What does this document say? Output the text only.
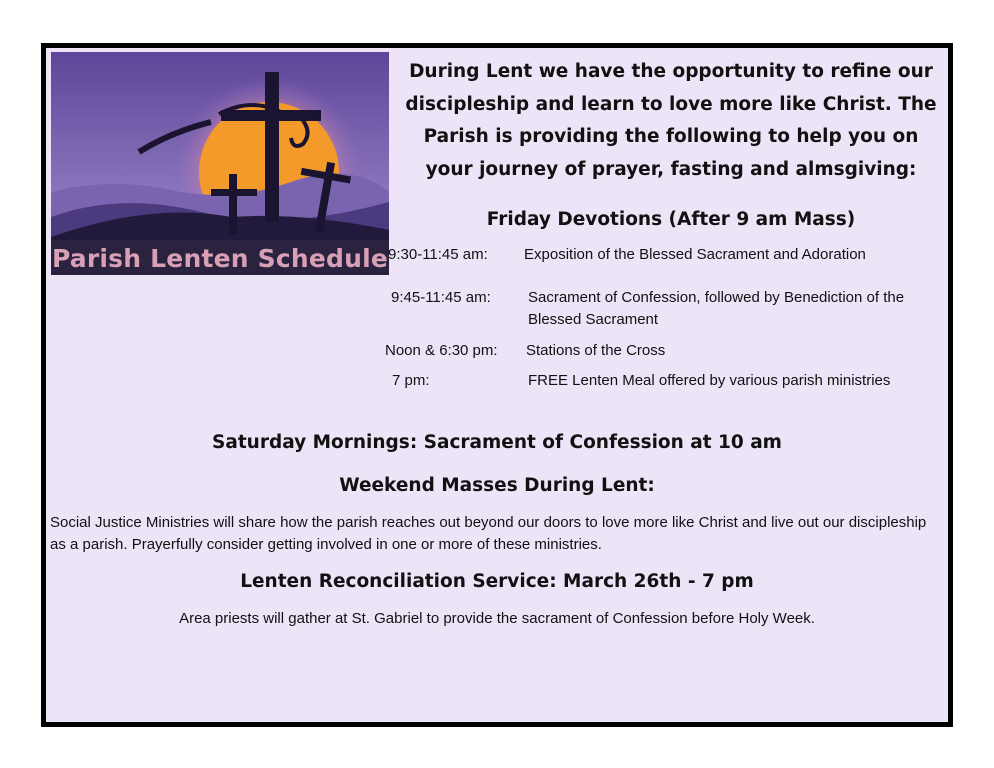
Parish Lenten Schedule
During Lent we have the opportunity to refine our discipleship and learn to love more like Christ. The Parish is providing the following to help you on your journey of prayer, fasting and almsgiving:
Friday Devotions (After 9 am Mass)
9:30-11:45 am: Exposition of the Blessed Sacrament and Adoration
9:45-11:45 am: Sacrament of Confession, followed by Benediction of the Blessed Sacrament
Noon & 6:30 pm: Stations of the Cross
7 pm:	FREE Lenten Meal offered by various parish ministries
Saturday Mornings: Sacrament of Confession at 10 am
Weekend Masses During Lent:
Social Justice Ministries will share how the parish reaches out beyond our doors to love more like Christ and live out our discipleship as a parish. Prayerfully consider getting involved in one or more of these ministries.
Lenten Reconciliation Service: March 26th - 7 pm
Area priests will gather at St. Gabriel to provide the sacrament of Confession before Holy Week.
